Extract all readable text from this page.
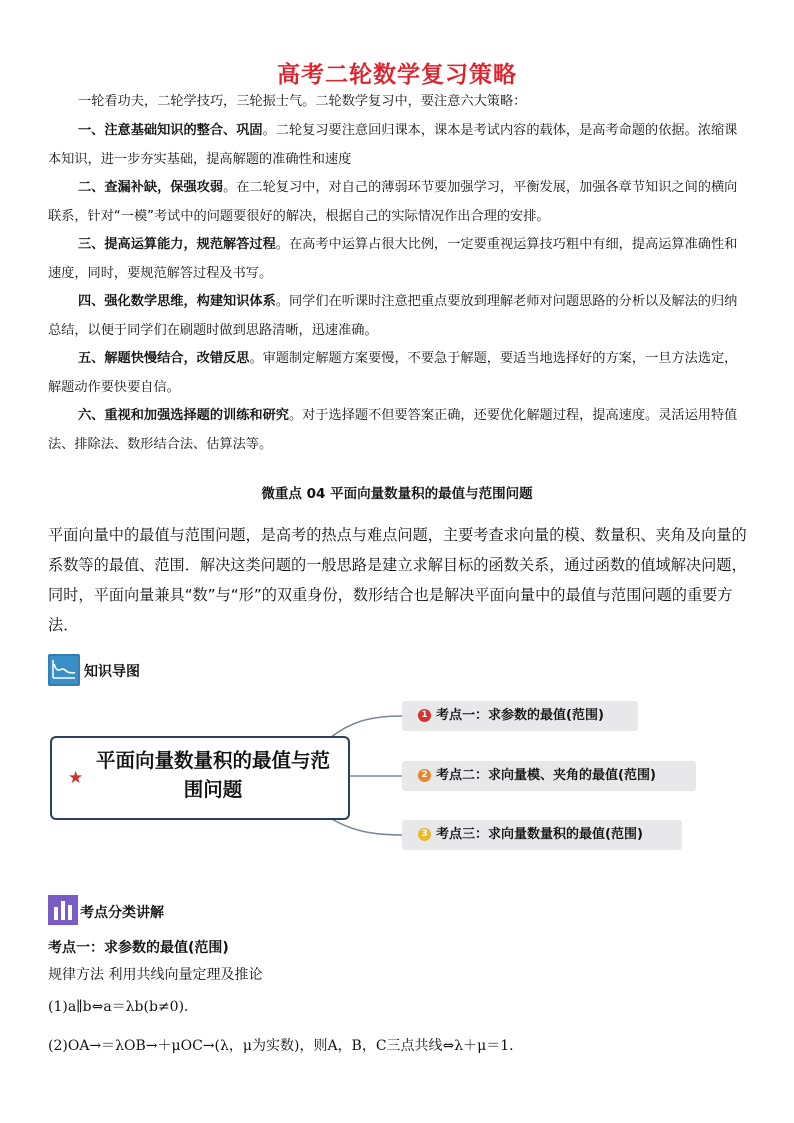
高考二轮数学复习策略
一轮看功夫，二轮学技巧，三轮振士气。二轮数学复习中，要注意六大策略：
一、注意基础知识的整合、巩固。二轮复习要注意回归课本，课本是考试内容的载体，是高考命题的依据。浓缩课本知识，进一步夯实基础，提高解题的准确性和速度
二、查漏补缺，保强攻弱。在二轮复习中，对自己的薄弱环节要加强学习，平衡发展，加强各章节知识之间的横向联系，针对“一模”考试中的问题要很好的解决，根据自己的实际情况作出合理的安排。
三、提高运算能力，规范解答过程。在高考中运算占很大比例，一定要重视运算技巧粗中有细，提高运算准确性和速度，同时，要规范解答过程及书写。
四、强化数学思维，构建知识体系。同学们在听课时注意把重点要放到理解老师对问题思路的分析以及解法的归纳总结，以便于同学们在刷题时做到思路清晰，迅速准确。
五、解题快慢结合，改错反思。审题制定解题方案要慢，不要急于解题，要适当地选择好的方案，一旦方法选定，解题动作要快要自信。
六、重视和加强选择题的训练和研究。对于选择题不但要答案正确，还要优化解题过程，提高速度。灵活运用特值法、排除法、数形结合法、估算法等。
微重点 04 平面向量数量积的最值与范围问题
平面向量中的最值与范围问题，是高考的热点与难点问题，主要考查求向量的模、数量积、夹角及向量的系数等的最值、范围．解决这类问题的一般思路是建立求解目标的函数关系，通过函数的值域解决问题，同时，平面向量兼具“数”与“形”的双重身份，数形结合也是解决平面向量中的最值与范围问题的重要方法．
知识导图
★
平面向量数量积的最值与范围问题
1 考点一：求参数的最值(范围)
2 考点二：求向量模、夹角的最值(范围)
3 考点三：求向量数量积的最值(范围)
考点分类讲解
考点一：求参数的最值(范围)
规律方法 利用共线向量定理及推论
(1)a∥b⇔a＝λb(b≠0)．
(2)OA→＝λOB→＋μOC→(λ，μ为实数)，则A，B，C三点共线⇔λ＋μ＝1．
